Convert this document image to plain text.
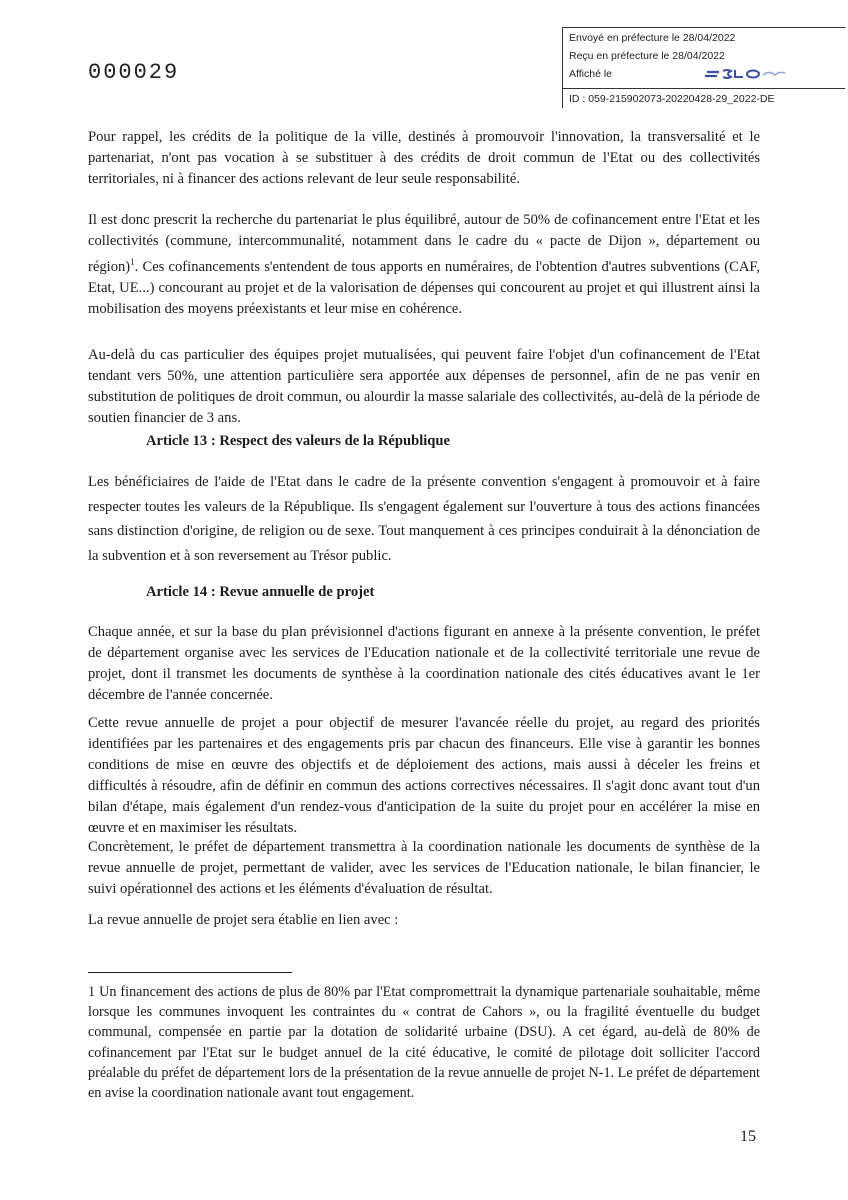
000029
Envoyé en préfecture le 28/04/2022
Reçu en préfecture le 28/04/2022
Affiché le
ID : 059-215902073-20220428-29_2022-DE

Pour rappel, les crédits de la politique de la ville, destinés à promouvoir l'innovation, la transversalité et le partenariat, n'ont pas vocation à se substituer à des crédits de droit commun de l'Etat ou des collectivités territoriales, ni à financer des actions relevant de leur seule responsabilité.

Il est donc prescrit la recherche du partenariat le plus équilibré, autour de 50% de cofinancement entre l'Etat et les collectivités (commune, intercommunalité, notamment dans le cadre du « pacte de Dijon », département ou région)$^1$. Ces cofinancements s'entendent de tous apports en numéraires, de l'obtention d'autres subventions (CAF, Etat, UE...) concourant au projet et de la valorisation de dépenses qui concourent au projet et qui illustrent ainsi la mobilisation des moyens préexistants et leur mise en cohérence.

Au-delà du cas particulier des équipes projet mutualisées, qui peuvent faire l'objet d'un cofinancement de l'Etat tendant vers 50%, une attention particulière sera apportée aux dépenses de personnel, afin de ne pas venir en substitution de politiques de droit commun, ou alourdir la masse salariale des collectivités, au-delà de la période de soutien financier de 3 ans.

Article 13 : Respect des valeurs de la République

Les bénéficiaires de l'aide de l'Etat dans le cadre de la présente convention s'engagent à promouvoir et à faire respecter toutes les valeurs de la République. Ils s'engagent également sur l'ouverture à tous des actions financées sans distinction d'origine, de religion ou de sexe. Tout manquement à ces principes conduirait à la dénonciation de la subvention et à son reversement au Trésor public.

Article 14 : Revue annuelle de projet

Chaque année, et sur la base du plan prévisionnel d'actions figurant en annexe à la présente convention, le préfet de département organise avec les services de l'Education nationale et de la collectivité territoriale une revue de projet, dont il transmet les documents de synthèse à la coordination nationale des cités éducatives avant le 1er décembre de l'année concernée.

Cette revue annuelle de projet a pour objectif de mesurer l'avancée réelle du projet, au regard des priorités identifiées par les partenaires et des engagements pris par chacun des financeurs. Elle vise à garantir les bonnes conditions de mise en œuvre des objectifs et de déploiement des actions, mais aussi à déceler les freins et difficultés à résoudre, afin de définir en commun des actions correctives nécessaires. Il s'agit donc avant tout d'un bilan d'étape, mais également d'un rendez-vous d'anticipation de la suite du projet pour en accélérer la mise en œuvre et en maximiser les résultats.

Concrètement, le préfet de département transmettra à la coordination nationale les documents de synthèse de la revue annuelle de projet, permettant de valider, avec les services de l'Education nationale, le bilan financier, le suivi opérationnel des actions et les éléments d'évaluation de résultat.

La revue annuelle de projet sera établie en lien avec :

1 Un financement des actions de plus de 80% par l'Etat compromettrait la dynamique partenariale souhaitable, même lorsque les communes invoquent les contraintes du « contrat de Cahors », ou la fragilité éventuelle du budget communal, compensée en partie par la dotation de solidarité urbaine (DSU). A cet égard, au-delà de 80% de cofinancement par l'Etat sur le budget annuel de la cité éducative, le comité de pilotage doit solliciter l'accord préalable du préfet de département lors de la présentation de la revue annuelle de projet N-1. Le préfet de département en avise la coordination nationale avant tout engagement.

15
